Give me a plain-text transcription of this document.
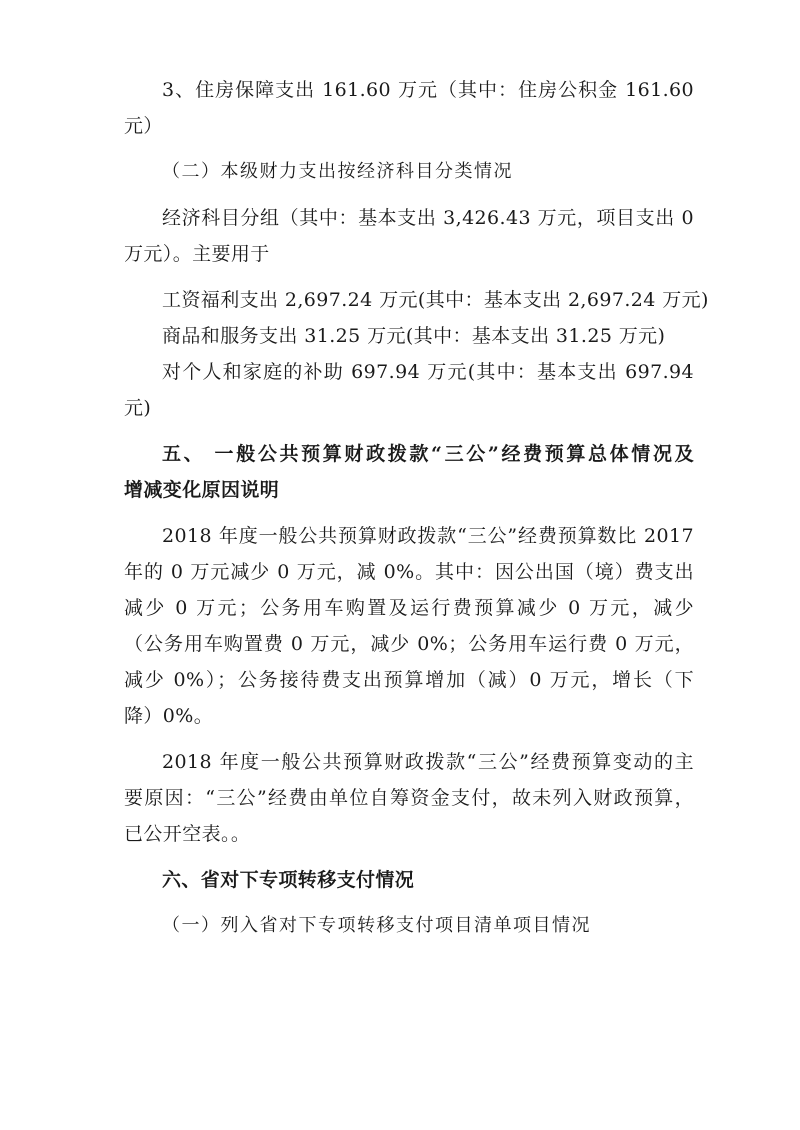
3、住房保障支出 161.60 万元（其中：住房公积金 161.60
元）
（二）本级财力支出按经济科目分类情况
经济科目分组（其中：基本支出 3,426.43 万元，项目支出 0
万元）。主要用于
工资福利支出 2,697.24 万元(其中：基本支出 2,697.24 万元)
商品和服务支出 31.25 万元(其中：基本支出 31.25 万元)
对个人和家庭的补助 697.94 万元(其中：基本支出 697.94
元)
五、 一般公共预算财政拨款“三公”经费预算总体情况及
增减变化原因说明
2018 年度一般公共预算财政拨款“三公”经费预算数比 2017
年的 0 万元减少 0 万元，减 0%。其中：因公出国（境）费支出
减少 0 万元；公务用车购置及运行费预算减少 0 万元，减少
（公务用车购置费 0 万元，减少 0%；公务用车运行费 0 万元，
减少 0%）；公务接待费支出预算增加（减）0 万元，增长（下
降）0%。
2018 年度一般公共预算财政拨款“三公”经费预算变动的主
要原因：“三公”经费由单位自筹资金支付，故未列入财政预算，
已公开空表。。
六、省对下专项转移支付情况
（一）列入省对下专项转移支付项目清单项目情况
